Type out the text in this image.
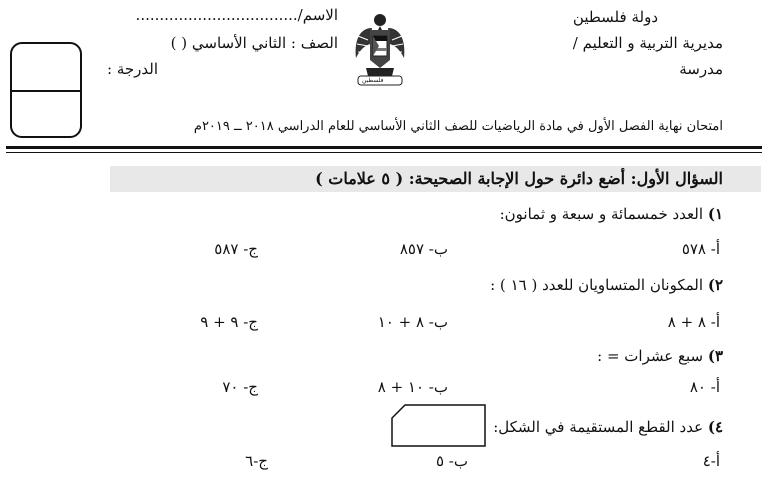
الاسم/..................................
الصف : الثاني الأساسي ( )
الدرجة :
فلسطين
دولة فلسطين
مديرية التربية و التعليم /
مدرسة
امتحان نهاية الفصل الأول في مادة الرياضيات للصف الثاني الأساسي للعام الدراسي ٢٠١٨ ــ ٢٠١٩م
السؤال الأول: أضع دائرة حول الإجابة الصحيحة: ( ٥ علامات )
١) العدد خمسمائة و سبعة و ثمانون:
أ- ٥٧٨
ب- ٨٥٧
ج- ٥٨٧
٢) المكونان المتساويان للعدد ( ١٦ ) :
أ- ٨ + ٨
ب- ٨ + ١٠
ج- ٩ + ٩
٣) سبع عشرات = :
أ- ٨٠
ب- ١٠ + ٨
ج- ٧٠
٤) عدد القطع المستقيمة في الشكل:
أ-٤
ب- ٥
ج-٦
